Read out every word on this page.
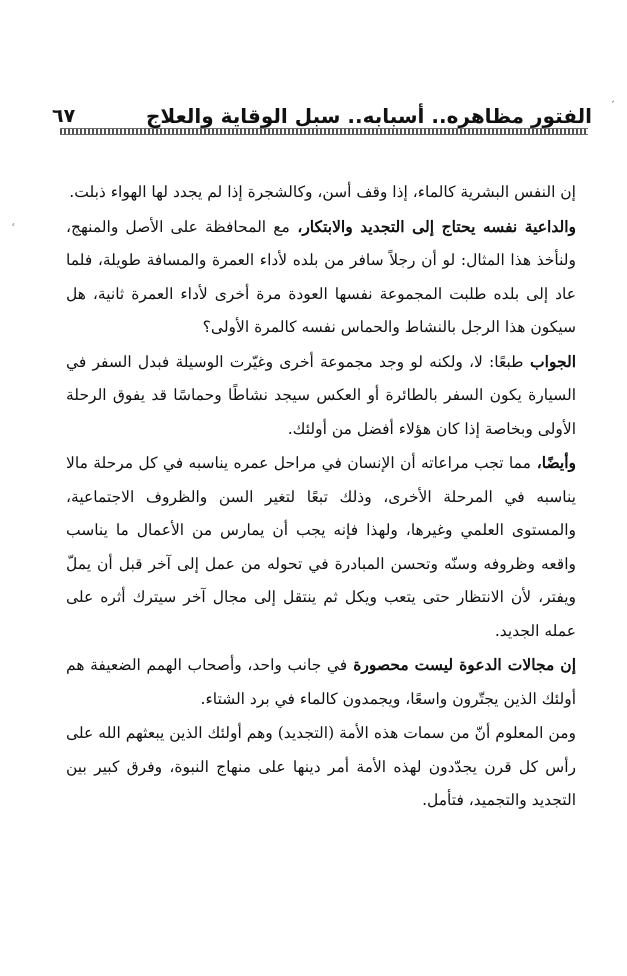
ˏ
ٴ
الفتور مظاهره.. أسبابه.. سبل الوقاية والعلاج
٦٧

إن النفس البشرية كالماء، إذا وقف أسن، وكالشجرة إذا لم يجدد لها الهواء ذبلت.

والداعية نفسه يحتاج إلى التجديد والابتكار، مع المحافظة على الأصل والمنهج، ولنأخذ هذا المثال: لو أن رجلاً سافر من بلده لأداء العمرة والمسافة طويلة، فلما عاد إلى بلده طلبت المجموعة نفسها العودة مرة أخرى لأداء العمرة ثانية، هل سيكون هذا الرجل بالنشاط والحماس نفسه كالمرة الأولى؟

الجواب طبعًا: لا، ولكنه لو وجد مجموعة أخرى وغيّرت الوسيلة فبدل السفر في السيارة يكون السفر بالطائرة أو العكس سيجد نشاطًا وحماسًا قد يفوق الرحلة الأولى وبخاصة إذا كان هؤلاء أفضل من أولئك.

وأيضًا، مما تجب مراعاته أن الإنسان في مراحل عمره يناسبه في كل مرحلة مالا يناسبه في المرحلة الأخرى، وذلك تبعًا لتغير السن والظروف الاجتماعية، والمستوى العلمي وغيرها، ولهذا فإنه يجب أن يمارس من الأعمال ما يناسب واقعه وظروفه وسنّه وتحسن المبادرة في تحوله من عمل إلى آخر قبل أن يملّ ويفتر، لأن الانتظار حتى يتعب ويكل ثم ينتقل إلى مجال آخر سيترك أثره على عمله الجديد.

إن مجالات الدعوة ليست محصورة في جانب واحد، وأصحاب الهمم الضعيفة هم أولئك الذين يجتّرون واسعًا، ويجمدون كالماء في برد الشتاء.

ومن المعلوم أنّ من سمات هذه الأمة (التجديد) وهم أولئك الذين يبعثهم الله على رأس كل قرن يجدّدون لهذه الأمة أمر دينها على منهاج النبوة، وفرق كبير بين التجديد والتجميد، فتأمل.
